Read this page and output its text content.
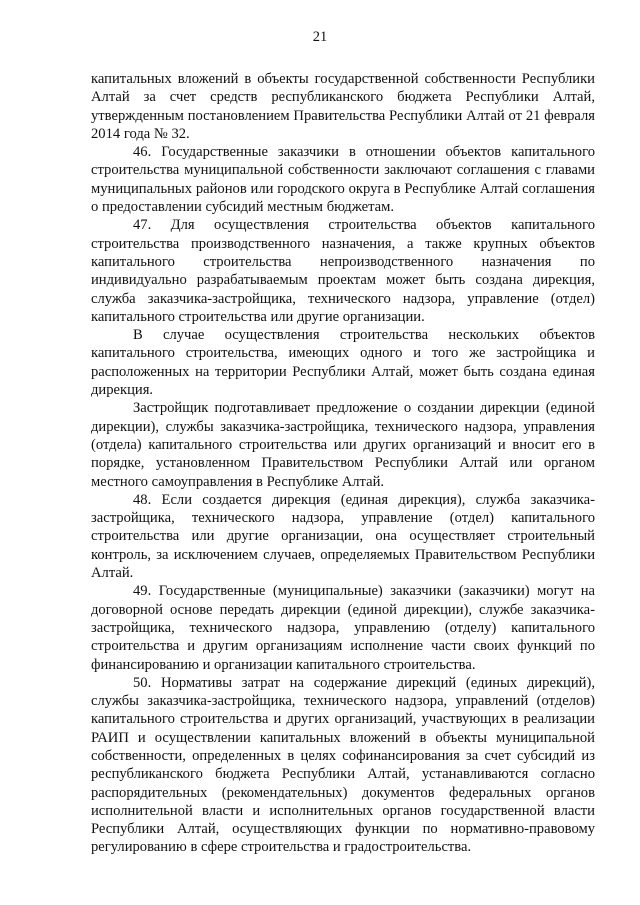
21

капитальных вложений в объекты государственной собственности Республики Алтай за счет средств республиканского бюджета Республики Алтай, утвержденным постановлением Правительства Республики Алтай от 21 февраля 2014 года № 32.

46. Государственные заказчики в отношении объектов капитального строительства муниципальной собственности заключают соглашения с главами муниципальных районов или городского округа в Республике Алтай соглашения о предоставлении субсидий местным бюджетам.

47. Для осуществления строительства объектов капитального строительства производственного назначения, а также крупных объектов капитального строительства непроизводственного назначения по индивидуально разрабатываемым проектам может быть создана дирекция, служба заказчика-застройщика, технического надзора, управление (отдел) капитального строительства или другие организации.

В случае осуществления строительства нескольких объектов капитального строительства, имеющих одного и того же застройщика и расположенных на территории Республики Алтай, может быть создана единая дирекция.

Застройщик подготавливает предложение о создании дирекции (единой дирекции), службы заказчика-застройщика, технического надзора, управления (отдела) капитального строительства или других организаций и вносит его в порядке, установленном Правительством Республики Алтай или органом местного самоуправления в Республике Алтай.

48. Если создается дирекция (единая дирекция), служба заказчика-застройщика, технического надзора, управление (отдел) капитального строительства или другие организации, она осуществляет строительный контроль, за исключением случаев, определяемых Правительством Республики Алтай.

49. Государственные (муниципальные) заказчики (заказчики) могут на договорной основе передать дирекции (единой дирекции), службе заказчика-застройщика, технического надзора, управлению (отделу) капитального строительства и другим организациям исполнение части своих функций по финансированию и организации капитального строительства.

50. Нормативы затрат на содержание дирекций (единых дирекций), службы заказчика-застройщика, технического надзора, управлений (отделов) капитального строительства и других организаций, участвующих в реализации РАИП и осуществлении капитальных вложений в объекты муниципальной собственности, определенных в целях софинансирования за счет субсидий из республиканского бюджета Республики Алтай, устанавливаются согласно распорядительных (рекомендательных) документов федеральных органов исполнительной власти и исполнительных органов государственной власти Республики Алтай, осуществляющих функции по нормативно-правовому регулированию в сфере строительства и градостроительства.
